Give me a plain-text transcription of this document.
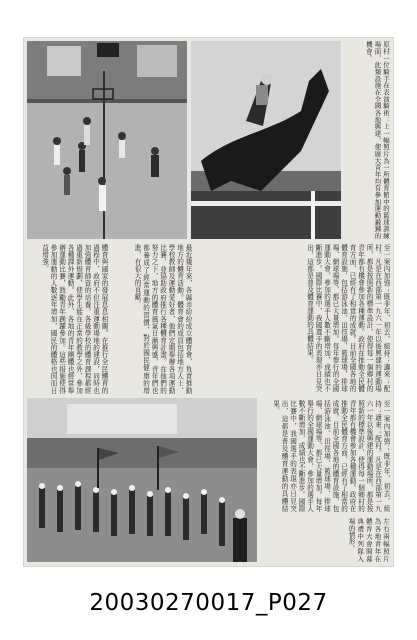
原村一位騎手在表演騎術：上一幅照片為一所體育館中的籃球訓練場面，此類設施在全國各地興建，使廣大青年均有參加運動鍛鍊的機會。
至一案內加強；既非年，初去、組持；適來；配村。凡是在西部第一九六一年以後興建的運動場所，都是按照新的標準設計，使得每一個鄉村的青年都有機會參加各種運動。政府在推動全民體育方面，已經有了相當的成就。目前全國各地的體育設施，包括游泳池、田徑場、籃球場、排球場、網球場等，都已大量增加。每年舉行的全國運動大會，參加的選手人數不斷增加，成績也不斷進步。國際比賽中，我國選手的表現亦日見突出，這都是普及體育運動的具體結果。
體育與國家的發展息息相關。在推行全民體育的過程中，政府不但注重運動場地的建設，同時也加強體育師資的培養。各級學校的體育課程都經過重新規劃，使學生能在正常的教學之外，參加各種課外運動。此外，各地的青年團體也經常舉辦運動比賽，鼓勵青年踴躍參加。這些措施使得參加運動的人數逐年增加，國民的體格也因而日益增強。	最近幾年來，各縣市紛紛成立體育會，負責推動地方的體育活動。體育會的成員包括地方人士、學校教師及運動愛好者，他們定期舉辦各項運動比賽，並協助政府推行各種體育計畫。在他們的努力之下，地方的體育風氣日漸興盛，青年們也都養成了經常運動的習慣，對於國民健康的增進，有很大的貢獻。
至一案內加強；既非年，初去、組持；適來；配村。凡是在西部第一九六一年以後興建的運動場所，都是按照新的標準設計，使得每一個鄉村的青年都有機會參加各種運動。政府在推動全民體育方面，已經有了相當的成就。目前全國各地的體育設施，包括游泳池、田徑場、籃球場、排球場、網球場等，都已大量增加。每年舉行的全國運動大會，參加的選手人數不斷增加，成績也不斷進步。國際比賽中，我國選手的表現亦日見突出，這都是普及體育運動的具體結果。
左右兩幅照片為各地青年在體育大會開幕典禮中列隊入場的情形。
20030270017_P027
